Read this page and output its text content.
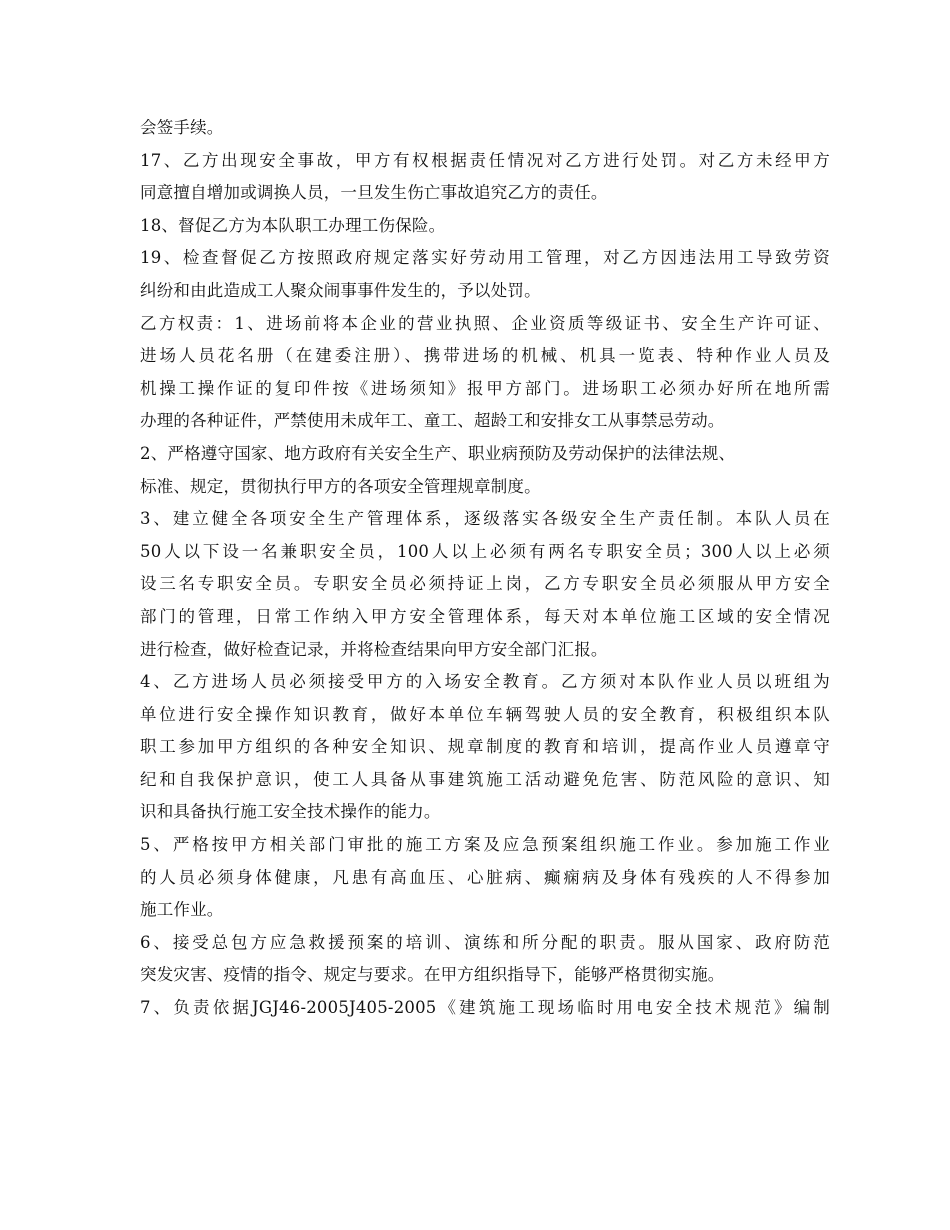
会签手续。
17、乙方出现安全事故，甲方有权根据责任情况对乙方进行处罚。对乙方未经甲方
同意擅自增加或调换人员，一旦发生伤亡事故追究乙方的责任。
18、督促乙方为本队职工办理工伤保险。
19、检查督促乙方按照政府规定落实好劳动用工管理，对乙方因违法用工导致劳资
纠纷和由此造成工人聚众闹事事件发生的，予以处罚。
乙方权责：1、进场前将本企业的营业执照、企业资质等级证书、安全生产许可证、
进场人员花名册（在建委注册）、携带进场的机械、机具一览表、特种作业人员及
机操工操作证的复印件按《进场须知》报甲方部门。进场职工必须办好所在地所需
办理的各种证件，严禁使用未成年工、童工、超龄工和安排女工从事禁忌劳动。
2、严格遵守国家、地方政府有关安全生产、职业病预防及劳动保护的法律法规、
标准、规定，贯彻执行甲方的各项安全管理规章制度。
3、建立健全各项安全生产管理体系，逐级落实各级安全生产责任制。本队人员在
50人以下设一名兼职安全员，100人以上必须有两名专职安全员；300人以上必须
设三名专职安全员。专职安全员必须持证上岗，乙方专职安全员必须服从甲方安全
部门的管理，日常工作纳入甲方安全管理体系，每天对本单位施工区域的安全情况
进行检查，做好检查记录，并将检查结果向甲方安全部门汇报。
4、乙方进场人员必须接受甲方的入场安全教育。乙方须对本队作业人员以班组为
单位进行安全操作知识教育，做好本单位车辆驾驶人员的安全教育，积极组织本队
职工参加甲方组织的各种安全知识、规章制度的教育和培训，提高作业人员遵章守
纪和自我保护意识，使工人具备从事建筑施工活动避免危害、防范风险的意识、知
识和具备执行施工安全技术操作的能力。
5、严格按甲方相关部门审批的施工方案及应急预案组织施工作业。参加施工作业
的人员必须身体健康，凡患有高血压、心脏病、癫痫病及身体有残疾的人不得参加
施工作业。
6、接受总包方应急救援预案的培训、演练和所分配的职责。服从国家、政府防范
突发灾害、疫情的指令、规定与要求。在甲方组织指导下，能够严格贯彻实施。
7、负责依据JGJ46-2005J405-2005《建筑施工现场临时用电安全技术规范》编制
